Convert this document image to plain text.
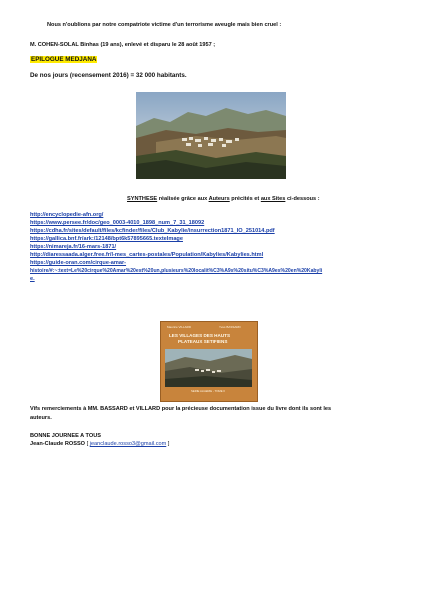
Nous n'oublions par notre compatriote victime d'un terrorisme aveugle mais bien cruel :
M. COHEN-SOLAL Binhas (19 ans), enlevé et disparu le 28 août 1957 ;
EPILOGUE MEDJANA
De nos jours (recensement 2016) = 32 000 habitants.
SYNTHESE réalisée grâce aux Auteurs précités et aux Sites ci-dessous :
http://encyclopedie-afn.org/
https://www.persee.fr/doc/geo_0003-4010_1898_num_7_31_18092
https://cdha.fr/sites/default/files/kcfinder/files/Club_Kabylie/insurrection1871_IO_251014.pdf
https://gallica.bnf.fr/ark:/12148/bpt6k57895665.texteImage
https://nimareja.fr/16-mars-1871/
http://diaressaada.alger.free.fr/l-mes_cartes-postales/Population/Kabylies/Kabylies.html
https://guide-oran.com/cirque-amar-
histoire/#:~:text=Le%20cirque%20Amar%20est%20un,plusieurs%20localit%C3%A9s%20situ%C3%A9es%20en%20Kabyli
e.
Maurice VILLARD	Yves BASSARD
LES VILLAGES DES HAUTS
PLATEAUX SETIFIENS
SERIE ALGERIE - TOME II
Vifs remerciements à MM. BASSARD et VILLARD pour la précieuse documentation issue du livre dont ils sont les
auteurs.
BONNE JOURNEE A TOUS
Jean-Claude ROSSO [ jeanclaude.rosso3@gmail.com ]
